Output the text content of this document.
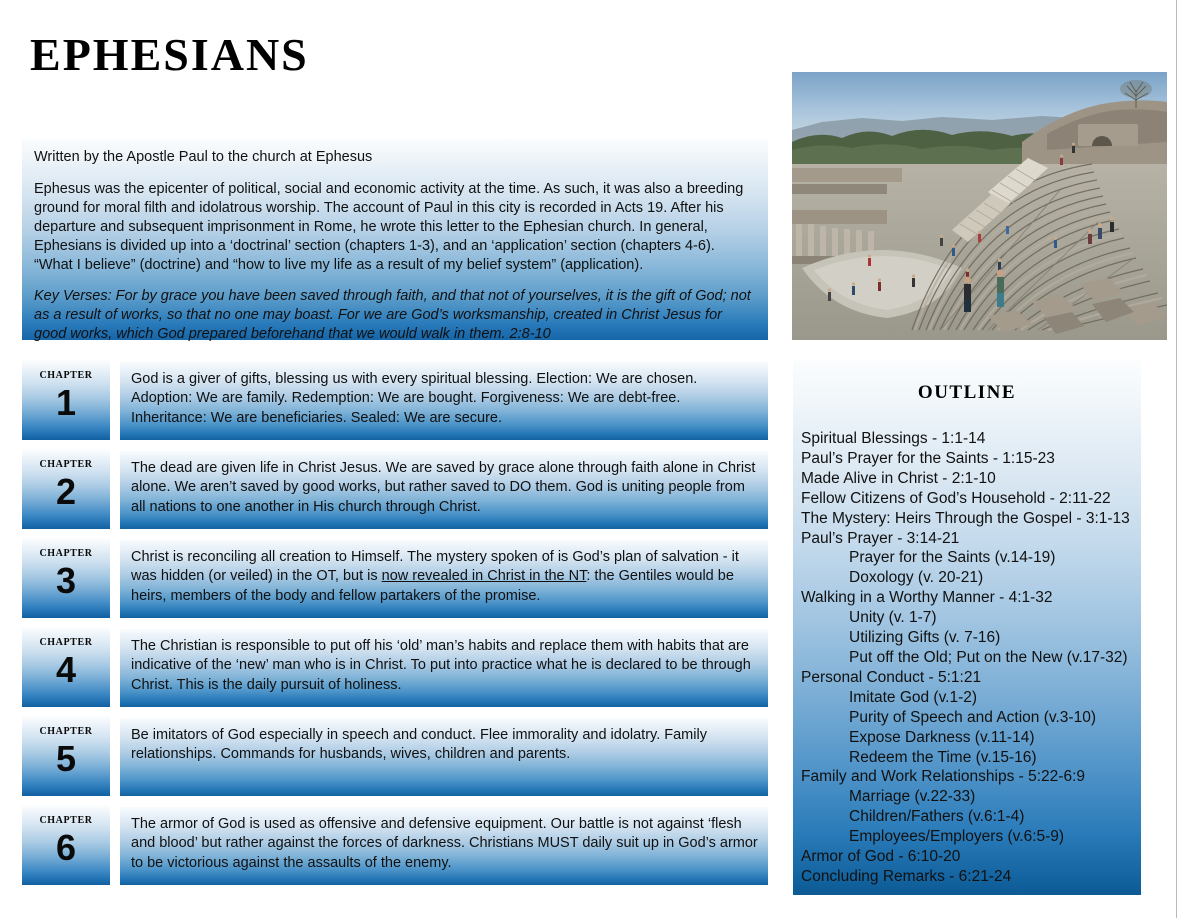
ephesians

Written by the Apostle Paul to the church at Ephesus

Ephesus was the epicenter of political, social and economic activity at the time. As such, it was also a breeding ground for moral filth and idolatrous worship. The account of Paul in this city is recorded in Acts 19. After his departure and subsequent imprisonment in Rome, he wrote this letter to the Ephesian church. In general, Ephesians is divided up into a ‘doctrinal’ section (chapters 1-3), and an ‘application’ section (chapters 4-6). “What I believe” (doctrine) and “how to live my life as a result of my belief system” (application).

Key Verses: For by grace you have been saved through faith, and that not of yourselves, it is the gift of God; not as a result of works, so that no one may boast. For we are God’s worksmanship, created in Christ Jesus for good works, which God prepared beforehand that we would walk in them. 2:8-10

chapter
1
God is a giver of gifts, blessing us with every spiritual blessing. Election: We are chosen. Adoption: We are family. Redemption: We are bought. Forgiveness: We are debt-free. Inheritance: We are beneficiaries. Sealed: We are secure.
chapter
2
The dead are given life in Christ Jesus. We are saved by grace alone through faith alone in Christ alone. We aren’t saved by good works, but rather saved to DO them. God is uniting people from all nations to one another in His church through Christ.
chapter
3
Christ is reconciling all creation to Himself. The mystery spoken of is God’s plan of salvation - it was hidden (or veiled) in the OT, but is now revealed in Christ in the NT: the Gentiles would be heirs, members of the body and fellow partakers of the promise.
chapter
4
The Christian is responsible to put off his ‘old’ man’s habits and replace them with habits that are indicative of the ‘new’ man who is in Christ. To put into practice what he is declared to be through Christ. This is the daily pursuit of holiness.
chapter
5
Be imitators of God especially in speech and conduct. Flee immorality and idolatry. Family relationships. Commands for husbands, wives, children and parents.
chapter
6
The armor of God is used as offensive and defensive equipment. Our battle is not against ‘flesh and blood’ but rather against the forces of darkness. Christians MUST daily suit up in God’s armor to be victorious against the assaults of the enemy.
outline
Spiritual Blessings - 1:1-14
Paul’s Prayer for the Saints - 1:15-23
Made Alive in Christ - 2:1-10
Fellow Citizens of God’s Household - 2:11-22
The Mystery: Heirs Through the Gospel - 3:1-13
Paul’s Prayer - 3:14-21
Prayer for the Saints (v.14-19)
Doxology (v. 20-21)
Walking in a Worthy Manner - 4:1-32
Unity (v. 1-7)
Utilizing Gifts (v. 7-16)
Put off the Old; Put on the New (v.17-32)
Personal Conduct - 5:1:21
Imitate God (v.1-2)
Purity of Speech and Action (v.3-10)
Expose Darkness (v.11-14)
Redeem the Time (v.15-16)
Family and Work Relationships - 5:22-6:9
Marriage (v.22-33)
Children/Fathers (v.6:1-4)
Employees/Employers (v.6:5-9)
Armor of God - 6:10-20
Concluding Remarks - 6:21-24
